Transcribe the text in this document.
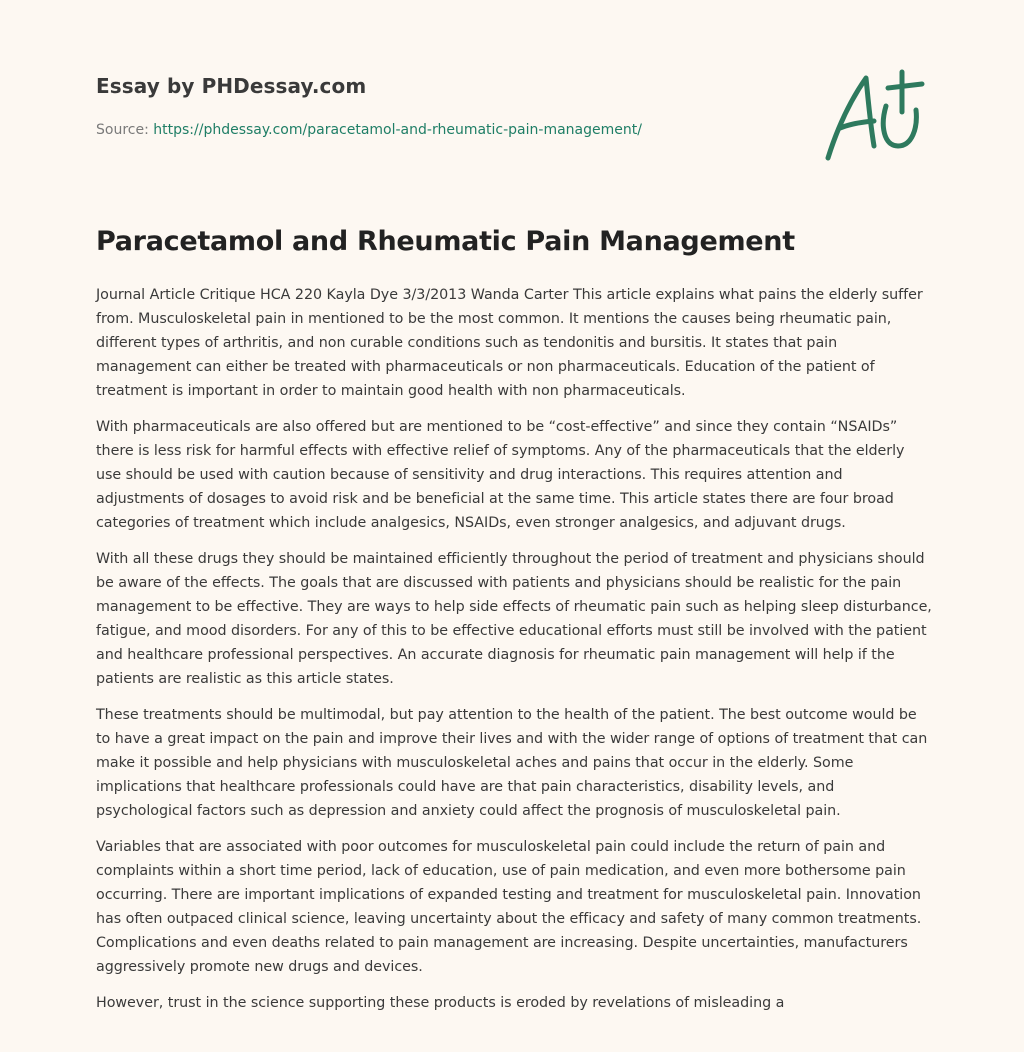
Essay by PHDessay.com
Source: https://phdessay.com/paracetamol-and-rheumatic-pain-management/
Paracetamol and Rheumatic Pain Management

Journal Article Critique HCA 220 Kayla Dye 3/3/2013 Wanda Carter This article explains what pains the elderly suffer from. Musculoskeletal pain in mentioned to be the most common. It mentions the causes being rheumatic pain, different types of arthritis, and non curable conditions such as tendonitis and bursitis. It states that pain management can either be treated with pharmaceuticals or non pharmaceuticals. Education of the patient of treatment is important in order to maintain good health with non pharmaceuticals.

With pharmaceuticals are also offered but are mentioned to be “cost-effective” and since they contain “NSAIDs” there is less risk for harmful effects with effective relief of symptoms. Any of the pharmaceuticals that the elderly use should be used with caution because of sensitivity and drug interactions. This requires attention and adjustments of dosages to avoid risk and be beneficial at the same time. This article states there are four broad categories of treatment which include analgesics, NSAIDs, even stronger analgesics, and adjuvant drugs.

With all these drugs they should be maintained efficiently throughout the period of treatment and physicians should be aware of the effects. The goals that are discussed with patients and physicians should be realistic for the pain management to be effective. They are ways to help side effects of rheumatic pain such as helping sleep disturbance, fatigue, and mood disorders. For any of this to be effective educational efforts must still be involved with the patient and healthcare professional perspectives. An accurate diagnosis for rheumatic pain management will help if the patients are realistic as this article states.

These treatments should be multimodal, but pay attention to the health of the patient. The best outcome would be to have a great impact on the pain and improve their lives and with the wider range of options of treatment that can make it possible and help physicians with musculoskeletal aches and pains that occur in the elderly. Some implications that healthcare professionals could have are that pain characteristics, disability levels, and psychological factors such as depression and anxiety could affect the prognosis of musculoskeletal pain.

Variables that are associated with poor outcomes for musculoskeletal pain could include the return of pain and complaints within a short time period, lack of education, use of pain medication, and even more bothersome pain occurring. There are important implications of expanded testing and treatment for musculoskeletal pain. Innovation has often outpaced clinical science, leaving uncertainty about the efficacy and safety of many common treatments. Complications and even deaths related to pain management are increasing. Despite uncertainties, manufacturers aggressively promote new drugs and devices.

However, trust in the science supporting these products is eroded by revelations of misleading a
